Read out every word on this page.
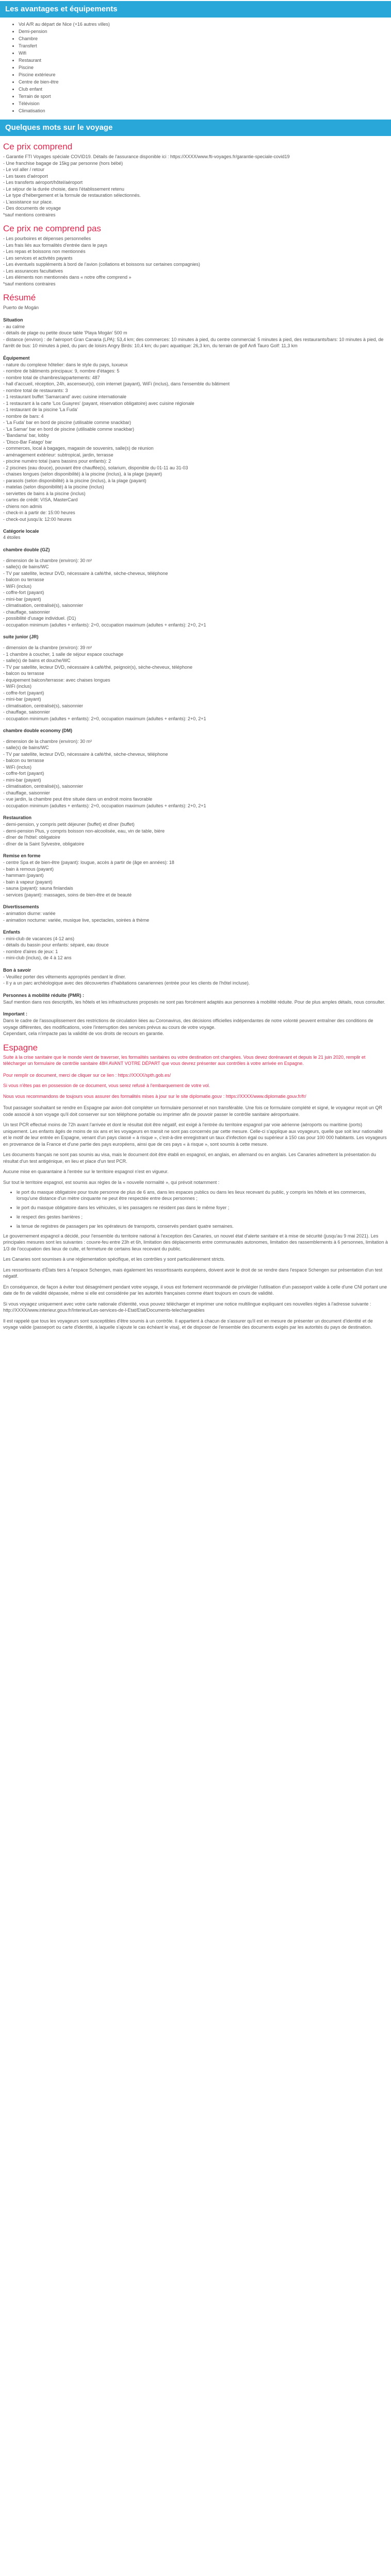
Les avantages et équipements
• Vol A/R au départ de Nice (+16 autres villes)
• Demi-pension
• Chambre
• Transfert
• Wifi
• Restaurant
• Piscine
• Piscine extérieure
• Centre de bien-être
• Club enfant
• Terrain de sport
• Télévision
• Climatisation
Quelques mots sur le voyage
Ce prix comprend
- Garantie FTI Voyages spéciale COVID19. Détails de l'assurance disponible ici : https://XXXX/www.fti-voyages.fr/garantie-speciale-covid19
- Une franchise bagage de 15kg par personne (hors bébé)
- Le vol aller / retour
- Les taxes d'aéroport
- Les transferts aéroport/hôtel/aéroport
- Le séjour de la durée choisie, dans l'établissement retenu
- Le type d'hébergement et la formule de restauration sélectionnés.
- L'assistance sur place.
- Des documents de voyage
*sauf mentions contraires
Ce prix ne comprend pas
- Les pourboires et dépenses personnelles
- Les frais liés aux formalités d'entrée dans le pays
- Les repas et boissons non mentionnés
- Les services et activités payants
- Les éventuels suppléments à bord de l'avion (collations et boissons sur certaines compagnies)
- Les assurances facultatives
- Les éléments non mentionnés dans « notre offre comprend »
*sauf mentions contraires
Résumé
Puerto de Mogán
Situation
- au calme
- détails de plage ou petite douce table 'Playa Mogán' 500 m
- distance (environ) : de l'aéroport Gran Canaria (LPA): 53,4 km; des commerces: 10 minutes à pied, du centre commercial: 5 minutes à pied, des restaurants/bars: 10 minutes à pied, de l'arrêt de bus: 10 minutes à pied, du parc de loisirs Angry Birds: 10,4 km; du parc aquatique: 26,3 km, du terrain de golf Anfi Tauro Golf: 11,3 km
Équipement
- nature du complexe hôtelier: dans le style du pays, luxueux
- nombre de bâtiments principaux: 9, nombre d'étages: 5
- nombre total de chambres/appartements: 487
- hall d'accueil, réception, 24h, ascenseur(s), coin internet (payant), WiFi (inclus), dans l'ensemble du bâtiment
- nombre total de restaurants: 3
- 1 restaurant buffet 'Samarcand' avec cuisine internationale
- 1 restaurant à la carte 'Los Guayres' (payant, réservation obligatoire) avec cuisine régionale
- 1 restaurant de la piscine 'La Fuda'
- nombre de bars: 4
- 'La Fuda' bar en bord de piscine (utilisable comme snackbar)
- 'La Samar' bar en bord de piscine (utilisable comme snackbar)
- 'Bandama' bar, lobby
- 'Disco-Bar Fatago' bar
- commerces, local à bagages, magasin de souvenirs, salle(s) de réunion
- aménagement extérieur: subtropical, jardin, terrasse
- piscine numéro total (sans bassins pour enfants): 2
- 2 piscines (eau douce), pouvant être chauffée(s), solarium, disponible du 01-11 au 31-03
- chaises longues (selon disponibilité) à la piscine (inclus), à la plage (payant)
- parasols (selon disponibilité) à la piscine (inclus), à la plage (payant)
- matelas (selon disponibilité) à la piscine (inclus)
- serviettes de bains à la piscine (inclus)
- cartes de crédit: VISA, MasterCard
- chiens non admis
- check-in à partir de: 15:00 heures
- check-out jusqu'à: 12:00 heures
Catégorie locale
4 étoiles
chambre double (GZ)
- dimension de la chambre (environ): 30 m²
- salle(s) de bains/WC
- TV par satellite, lecteur DVD, nécessaire à café/thé, sèche-cheveux, téléphone
- balcon ou terrasse
- WiFi (inclus)
- coffre-fort (payant)
- mini-bar (payant)
- climatisation, centralisé(s), saisonnier
- chauffage, saisonnier
- possibilité d'usage individuel. (D1)
- occupation minimum (adultes + enfants): 2+0, occupation maximum (adultes + enfants): 2+0, 2+1
suite junior (JR)
- dimension de la chambre (environ): 39 m²
- 1 chambre à coucher, 1 salle de séjour espace couchage
- salle(s) de bains et douche/WC
- TV par satellite, lecteur DVD, nécessaire à café/thé, peignoir(s), sèche-cheveux, téléphone
- balcon ou terrasse
- équipement balcon/terrasse: avec chaises longues
- WiFi (inclus)
- coffre-fort (payant)
- mini-bar (payant)
- climatisation, centralisé(s), saisonnier
- chauffage, saisonnier
- occupation minimum (adultes + enfants): 2+0, occupation maximum (adultes + enfants): 2+0, 2+1
chambre double economy (DM)
- dimension de la chambre (environ): 30 m²
- salle(s) de bains/WC
- TV par satellite, lecteur DVD, nécessaire à café/thé, sèche-cheveux, téléphone
- balcon ou terrasse
- WiFi (inclus)
- coffre-fort (payant)
- mini-bar (payant)
- climatisation, centralisé(s), saisonnier
- chauffage, saisonnier
- vue jardin, la chambre peut être située dans un endroit moins favorable
- occupation minimum (adultes + enfants): 2+0, occupation maximum (adultes + enfants): 2+0, 2+1
Restauration
- demi-pension, y compris petit déjeuner (buffet) et dîner (buffet)
- demi-pension Plus, y compris boisson non-alcoolisée, eau, vin de table, bière
- dîner de l'hôtel: obligatoire
- dîner de la Saint Sylvestre, obligatoire
Remise en forme
- centre Spa et de bien-être (payant): lougue, accès à partir de (âge en années): 18
- bain à remous (payant)
- hammam (payant)
- bain à vapeur (payant)
- sauna (payant): sauna finlandais
- services (payant): massages, soins de bien-être et de beauté
Divertissements
- animation diurne: variée
- animation nocturne: variée, musique live, spectacles, soirées à thème
Enfants
- mini-club de vacances (4-12 ans)
- détails du bassin pour enfants: séparé, eau douce
- nombre d'aires de jeux: 1
- mini-club (inclus), de 4 à 12 ans
Bon à savoir
- Veuillez porter des vêtements appropriés pendant le dîner.
- Il y a un parc archéologique avec des découvertes d'habitations canariennes (entrée pour les clients de l'hôtel incluse).
Personnes à mobilité réduite (PMR) :
Sauf mention dans nos descriptifs, les hôtels et les infrastructures proposés ne sont pas forcément adaptés aux personnes à mobilité réduite. Pour de plus amples détails, nous consulter.
Important :
Dans le cadre de l'assouplissement des restrictions de circulation liées au Coronavirus, des décisions officielles indépendantes de notre volonté peuvent entraîner des conditions de voyage différentes, des modifications, voire l'interruption des services prévus au cours de votre voyage.
Cependant, cela n'impacte pas la validité de vos droits de recours en garantie.
Espagne

Suite à la crise sanitaire que le monde vient de traverser, les formalités sanitaires ou votre destination ont changées. Vous devez dorénavant et depuis le 21 juin 2020, remplir et télécharger un formulaire de contrôle sanitaire 48H AVANT VOTRE DÉPART que vous devrez présenter aux contrôles à votre arrivée en Espagne.

Pour remplir ce document, merci de cliquer sur ce lien : https://XXXX/spth.gob.es/
Si vous n'êtes pas en possession de ce document, vous serez refusé à l'embarquement de votre vol.
Nous vous recommandons de toujours vous assurer des formalités mises à jour sur le site diplomatie.gouv : https://XXXX/www.diplomatie.gouv.fr/fr/
Tout passager souhaitant se rendre en Espagne par avion doit compléter un formulaire personnel et non transférable. Une fois ce formulaire complété et signé, le voyageur reçoit un QR code associé à son voyage qu'il doit conserver sur son téléphone portable ou imprimer afin de pouvoir passer le contrôle sanitaire aéroportuaire.
Un test PCR effectué moins de 72h avant l'arrivée et dont le résultat doit être négatif, est exigé à l'entrée du territoire espagnol par voie aérienne (aéroports ou maritime (ports) uniquement. Les enfants âgés de moins de six ans et les voyageurs en transit ne sont pas concernés par cette mesure. Celle-ci s'applique aux voyageurs, quelle que soit leur nationalité et le motif de leur entrée en Espagne, venant d'un pays classé « à risque », c'est-à-dire enregistrant un taux d'infection égal ou supérieur à 150 cas pour 100 000 habitants. Les voyageurs en provenance de la France et d'une partie des pays européens, ainsi que de ces pays « à risque », sont soumis à cette mesure.
Les documents français ne sont pas soumis au visa, mais le document doit être établi en espagnol, en anglais, en allemand ou en anglais. Les Canaries admettent la présentation du résultat d'un test antigénique, en lieu et place d'un test PCR.
Aucune mise en quarantaine à l'entrée sur le territoire espagnol n'est en vigueur.
Sur tout le territoire espagnol, est soumis aux règles de la « nouvelle normalité », qui prévoit notamment :
• le port du masque obligatoire pour toute personne de plus de 6 ans, dans les espaces publics ou dans les lieux recevant du public, y compris les hôtels et les commerces, lorsqu'une distance d'un mètre cinquante ne peut être respectée entre deux personnes ;
• le port du masque obligatoire dans les véhicules, si les passagers ne résident pas dans le même foyer ;
• le respect des gestes barrières ;
• la tenue de registres de passagers par les opérateurs de transports, conservés pendant quatre semaines.
Le gouvernement espagnol a décidé, pour l'ensemble du territoire national à l'exception des Canaries, un nouvel état d'alerte sanitaire et à mise de sécurité (jusqu'au 9 mai 2021). Les principales mesures sont les suivantes : couvre-feu entre 23h et 6h, limitation des déplacements entre communautés autonomes, limitation des rassemblements à 6 personnes, limitation à 1/3 de l'occupation des lieux de culte, et fermeture de certains lieux recevant du public.
Les Canaries sont soumises à une réglementation spécifique, et les contrôles y sont particulièrement stricts.
Les ressortissants d'États tiers à l'espace Schengen, mais également les ressortissants européens, doivent avoir le droit de se rendre dans l'espace Schengen sur présentation d'un test négatif.
En conséquence, de façon à éviter tout désagrément pendant votre voyage, il vous est fortement recommandé de privilégier l'utilisation d'un passeport valide à celle d'une CNI portant une date de fin de validité dépassée, même si elle est considérée par les autorités françaises comme étant toujours en cours de validité.
Si vous voyagez uniquement avec votre carte nationale d'identité, vous pouvez télécharger et imprimer une notice multilingue expliquant ces nouvelles règles à l'adresse suivante : http://XXXX/www.interieur.gouv.fr/Interieur/Les-services-de-l-Etat/Etat/Documents-telechargeables
Il est rappelé que tous les voyageurs sont susceptibles d'être soumis à un contrôle. Il appartient à chacun de s'assurer qu'il est en mesure de présenter un document d'identité et de voyage valide (passeport ou carte d'identité, à laquelle s'ajoute le cas échéant le visa), et de disposer de l'ensemble des documents exigés par les autorités du pays de destination.
